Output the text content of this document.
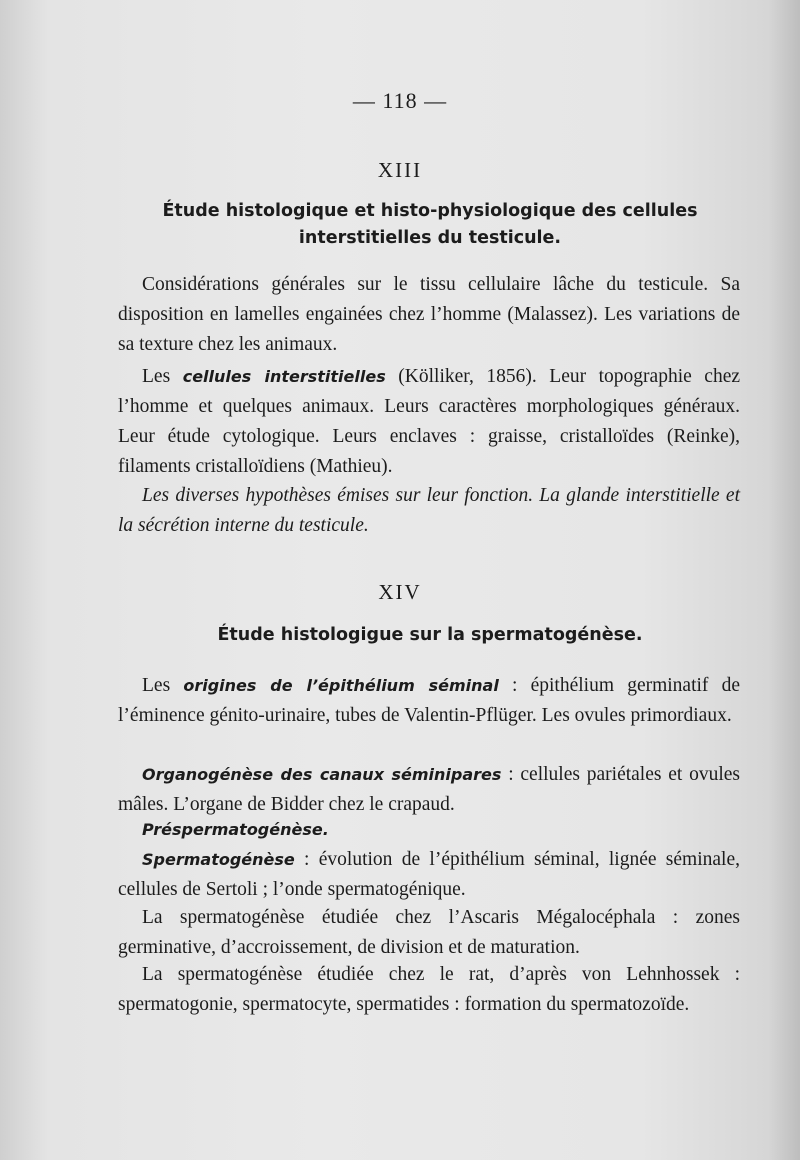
— 118 —
XIII
Étude histologique et histo-physiologique des cellules
interstitielles du testicule.
Considérations générales sur le tissu cellulaire lâche du testicule. Sa disposition en lamelles engainées chez l’homme (Malassez). Les variations de sa texture chez les animaux.
Les cellules interstitielles (Kölliker, 1856). Leur topographie chez l’homme et quelques animaux. Leurs caractères morphologiques généraux. Leur étude cytologique. Leurs enclaves : graisse, cristalloïdes (Reinke), filaments cristalloïdiens (Mathieu).
Les diverses hypothèses émises sur leur fonction. La glande interstitielle et la sécrétion interne du testicule.
XIV
Étude histologigue sur la spermatogénèse.
Les origines de l’épithélium séminal : épithélium germinatif de l’éminence génito-urinaire, tubes de Valentin-Pflüger. Les ovules primordiaux.
Organogénèse des canaux séminipares : cellules pariétales et ovules mâles. L’organe de Bidder chez le crapaud.
Préspermatogénèse.
Spermatogénèse : évolution de l’épithélium séminal, lignée séminale, cellules de Sertoli ; l’onde spermatogénique.
La spermatogénèse étudiée chez l’Ascaris Mégalocéphala : zones germinative, d’accroissement, de division et de maturation.
La spermatogénèse étudiée chez le rat, d’après von Lehnhossek : spermatogonie, spermatocyte, spermatides : formation du spermatozoïde.
